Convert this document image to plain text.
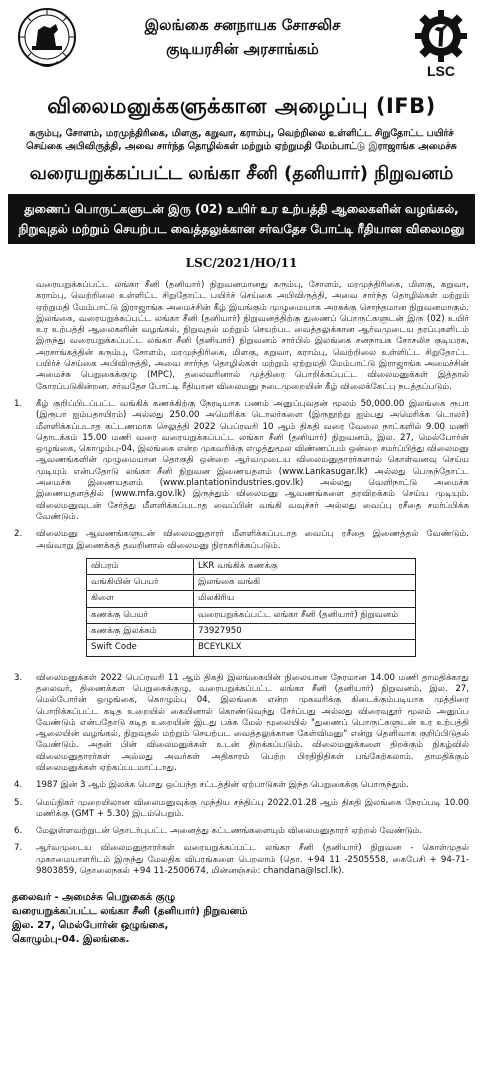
இலங்கை சனநாயக சோசலிச
குடியரசின் அரசாங்கம்
LSC
விலைமனுக்களுக்கான அழைப்பு (IFB)
கரும்பு, சோளம், மரமுந்திரிகை, மிளகு, கறுவா, கராம்பு, வெற்றிலை உள்ளிட்ட சிறுதோட்ட பயிர்ச் செய்கை அபிவிருத்தி, அவை சார்ந்த தொழில்கள் மற்றும் ஏற்றுமதி மேம்பாட்டு இராஜாங்க அமைச்சு
வரையறுக்கப்பட்ட லங்கா சீனி (தனியார்) நிறுவனம்
துணைப் பொருட்களுடன் இரு (02) உயிர் உர உற்பத்தி ஆலைகளின் வழங்கல்,
நிறுவுதல் மற்றும் செயற்பட வைத்தலுக்கான சர்வதேச போட்டி ரீதியான விலைமனு
LSC/2021/HO/11
வரையறுக்கப்பட்ட லங்கா சீனி (தனியார்) நிறுவனமானது கரும்பு, சோளம், மரமுந்திரிகை, மிளகு, கறுவா, கராம்பு, வெற்றிலை உள்ளிட்ட சிறுதோட்ட பயிர்ச் செய்கை அபிவிருத்தி, அவை சார்ந்த தொழில்கள் மற்றும் ஏற்றுமதி மேம்பாட்டு இராஜாங்க அமைச்சின் கீழ் இயங்கும் முழுமையாக அரசுக்கு சொந்தமான நிறுவனமாகும். இலங்கை, வரையறுக்கப்பட்ட லங்கா சீனி (தனியார்) நிறுவனத்திற்கு துணைப் பொருட்களுடன் இரு (02) உயிர் உர உற்பத்தி ஆலைகளின் வழங்கல், நிறுவுதல் மற்றும் செயற்பட வைத்தலுக்கான ஆர்வமுடைய தரப்புகளிடம் இருந்து வரையறுக்கப்பட்ட லங்கா சீனி (தனியார்) நிறுவனம் சார்பில் இலங்கை சனநாயக சோசலிச குடியரசு, அரசாங்கத்தின் கரும்பு, சோளம், மரமுந்திரிகை, மிளகு, கறுவா, கராம்பு, வெற்றிலை உள்ளிட்ட சிறுதோட்ட பயிர்ச் செய்கை அபிவிருத்தி, அவை சார்ந்த தொழில்கள் மற்றும் ஏற்றுமதி மேம்பாட்டு இராஜாங்க அமைச்சின் அமைச்சு பெறுகைக்குழு (MPC), தலைவரினால் முத்திரை பொறிக்கப்பட்ட விலைமனுக்கள் இத்தால் கோரப்படுகின்றன. சர்வதேச போட்டி ரீதியான விலைமனு நடைமுறையின் கீழ் விலைக்கேட்பு நடத்தப்படும்.
1.	கீழ் குறிப்பிடப்பட்ட வங்கிக் கணக்கிற்கு நேரடியாக பணம் அனுப்புவதன் மூலம் 50,000.00 இலங்கை ரூபா (இரூபா ஐம்பதாயிரம்) அல்லது 250.00 அமெரிக்க டொலர்களை (இருநூற்று ஐம்பது அமெரிக்க டொலர்) மீளளிக்கப்படாத கட்டணமாக செலுத்தி 2022 பெப்ரவரி 10 ஆம் திகதி வரை வேலை நாட்களில் 9.00 மணி தொடக்கம் 15.00 மணி வரை வரையறுக்கப்பட்ட லங்கா சீனி (தனியார்) நிறுவனம், இல. 27, மெல்போர்ன் ஒழுங்கை, கொழும்பு-04, இலங்கை என்ற முகவரிக்கு எழுத்துமூல விண்ணப்பம் ஒன்றை சமர்ப்பித்து விலைமனு ஆவணங்களின் முழுமையான தொகுதி ஒன்றை ஆர்வமுடைய விலைமனுதாரர்களால் கொள்வனவு செய்ய முடியும் என்பதோடு லங்கா சீனி நிறுவன இணையதளம் (www.Lankasugar.lk) அல்லது பெருந்தோட்ட அமைச்சு இணையதளம் (www.plantationindustries.gov.lk) அல்லது வெளிநாட்டு அமைச்சு இணையதளத்தில் (www.mfa.gov.lk) இருந்தும் விலைமனு ஆவணங்களை தரவிறக்கம் செய்ய முடியும். விலைமனுவுடன் சேர்த்து மீளளிக்கப்படாத வைப்பின் வங்கி வவுச்சர் அல்லது வைப்பு ரசீதை சமர்ப்பிக்க வேண்டும்.
2.	விலைமனு ஆவணங்களுடன் விலைமனுதாரர் மீளளிக்கப்படாத வைப்பு ரசீதை இணைத்தல் வேண்டும். அவ்வாறு இணைக்கத் தவறினால் விலைமனு நிராகரிக்கப்படும்.
விபரம்	LKR வங்கிக் கணக்கு
வங்கியின் பெயர்	இலங்கை வங்கி
கிளை	மிலகிரிய
கணக்கு பெயர்	வரையறுக்கப்பட்ட லங்கா சீனி (தனியார்) நிறுவனம்
கணக்கு இலக்கம்	73927950
Swift Code	BCEYLKLX
3.	விலைமனுக்கள் 2022 பெப்ரவரி 11 ஆம் திகதி இலங்கையின் நிலையான நேரமான 14.00 மணி தாமதிக்காது தலைவர், திணைக்கள பெறுகைக்குழு, வரையறுக்கப்பட்ட லங்கா சீனி (தனியார்) நிறுவனம், இல. 27, மெல்போர்ன் ஒழுங்கை, கொழும்பு 04, இலங்கை என்ற முகவரிக்கு கிடைக்கும்படியாக முத்திரை பொறிக்கப்பட்ட கடித உறையில் கையினால் கொண்டுவந்து சேர்ப்பது அல்லது விரைவுதூர் மூலம் அனுப்ப வேண்டும் என்பதோடு கடித உறையின் இடது பக்க மேல் மூலையில் "துணைப் பொருட்களுடன் உர உற்பத்தி ஆலையின் வழங்கல், நிறுவுதல் மற்றும் செயற்பட வைத்தலுக்கான கேள்விமனு" என்று தெளிவாக குறிப்பிடுதல் வேண்டும். அதன் பின் விலைமனுக்கள் உடன் திறக்கப்படும். விலைமனுக்களை திறக்கும் நிகழ்வில் விலைமனுதாரர்கள் அல்லது அவர்கள் அதிகாரம் பெற்ற பிரதிநிதிகள் பங்கேற்கலாம். தாமதிக்கும் விலைமனுக்கள் ஏற்கப்படமாட்டாது.
4.	1987 இன் 3 ஆம் இலக்க பொது ஒப்பந்த சட்டத்தின் ஏற்பாடுகள் இந்த பெறுகைக்கு பொருந்தும்.
5.	மெய்நிகர் முறையிலான விலைமனுவுக்கு முந்திய சந்திப்பு 2022.01.28 ஆம் திகதி இலங்கை நேரப்படி 10.00 மணிக்கு (GMT + 5.30) இடம்பெறும்.
6.	மேலுள்ளவற்றுடன் தொடர்புபட்ட அனைத்து கட்டணங்களையும் விலைமனுதாரர் ஏற்றல் வேண்டும்.
7.	ஆர்வமுடைய விலைமனுதாரர்கள் வரையறுக்கப்பட்ட லங்கா சீனி (தனியார்) நிறுவன - கொள்முதல் முகாமையாளரிடம் இருந்து மேலதிக விபரங்களை பெறலாம் (தொ. +94 11 -2505558, கைபேசி + 94-71-9803859, தொலைநகல் +94 11-2500674, மின்னஞ்சல்: chandana@lscl.lk).
தலைவர் - அமைச்சு பெறுகைக் குழு
வரையறுக்கப்பட்ட லங்கா சீனி (தனியார்) நிறுவனம்
இல. 27, மெல்போர்ன் ஒழுங்கை,
கொழும்பு-04. இலங்கை.
